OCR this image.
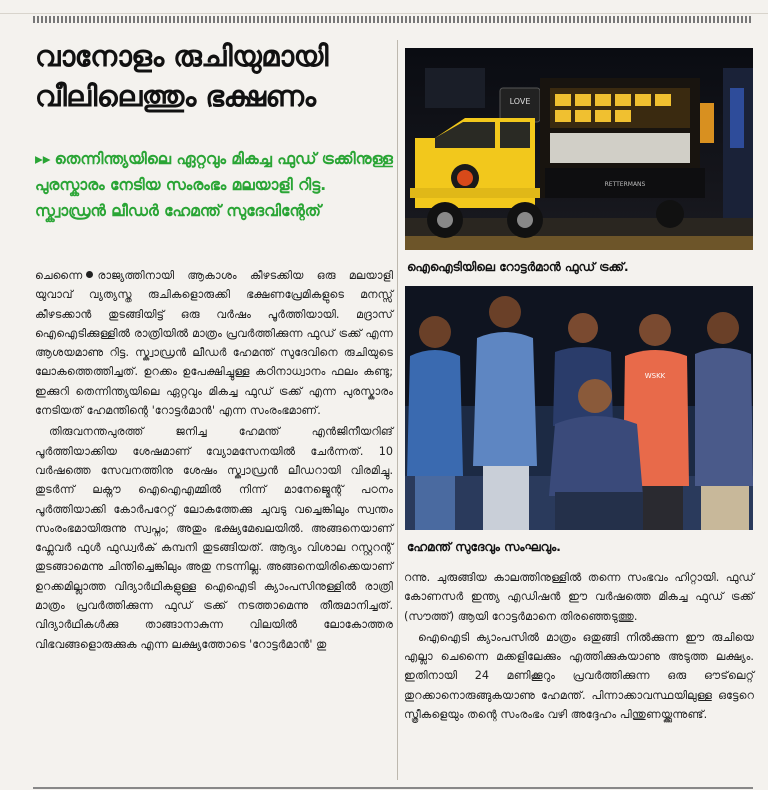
വാനോളം രുചിയുമായി
വീലിലെത്തും ഭക്ഷണം
▸▸ തെന്നിന്ത്യയിലെ ഏറ്റവും മികച്ച ഫുഡ് ട്രക്കിനുള്ള പുരസ്കാരം നേടിയ സംരംഭം മലയാളി റിട്ട. സ്ക്വാഡ്രൻ ലീഡർ ഹേമന്ത് സുദേവിന്റേത്

ചെന്നൈ രാജ്യത്തിനായി ആകാശം കീഴടക്കിയ ഒരു മലയാളി യുവാവ് വ്യത്യസ്ത രുചികളൊരുക്കി ഭക്ഷണപ്രേമികളുടെ മനസ്സ് കീഴടക്കാൻ തുടങ്ങിയിട്ട് ഒരു വർഷം പൂർത്തിയായി. മദ്രാസ് ഐഐടിക്കുള്ളിൽ രാത്രിയിൽ മാത്രം പ്രവർത്തിക്കുന്ന ഫുഡ് ട്രക്ക് എന്ന ആശയമാണു റിട്ട. സ്ക്വാഡ്രൻ ലീഡർ ഹേമന്ത് സുദേവിനെ രുചിയുടെ ലോകത്തെത്തിച്ചത്. ഉറക്കം ഉപേക്ഷിച്ചുള്ള കഠിനാധ്വാനം ഫലം കണ്ടു; ഇക്കുറി തെന്നിന്ത്യയിലെ ഏറ്റവും മികച്ച ഫുഡ് ട്രക്ക് എന്ന പുരസ്കാരം നേടിയത് ഹേമന്തിന്റെ 'റോട്ടർമാൻ' എന്ന സംരംഭമാണ്.

തിരുവനന്തപുരത്ത് ജനിച്ച ഹേമന്ത് എൻജിനീയറിങ് പൂർത്തിയാക്കിയ ശേഷമാണ് വ്യോമസേനയിൽ ചേർന്നത്. 10 വർഷത്തെ സേവനത്തിനു ശേഷം സ്ക്വാഡ്രൻ ലീഡറായി വിരമിച്ചു. തുടർന്ന് ലക്നൗ ഐഐഎമ്മിൽ നിന്ന് മാനേജ്മെന്റ് പഠനം പൂർത്തിയാക്കി കോർപറേറ്റ് ലോകത്തേക്കു ചുവടു വച്ചെങ്കിലും സ്വന്തം സംരംഭമായിരുന്നു സ്വപ്നം; അതും ഭക്ഷ്യമേഖലയിൽ. അങ്ങനെയാണ് ഫ്ലേവർ ഫുൾ ഫുഡ്വർക് കമ്പനി തുടങ്ങിയത്. ആദ്യം വിശാല റസ്റ്ററന്റ് തുടങ്ങാമെന്നു ചിന്തിച്ചെങ്കിലും അതു നടന്നില്ല. അങ്ങനെയിരിക്കെയാണ് ഉറക്കമില്ലാത്ത വിദ്യാർഥികളുള്ള ഐഐടി ക്യാംപസിനുള്ളിൽ രാത്രി മാത്രം പ്രവർത്തിക്കുന്ന ഫുഡ് ട്രക്ക് നടത്താമെന്നു തീരുമാനിച്ചത്. വിദ്യാർഥികൾക്കു താങ്ങാനാകുന്ന വിലയിൽ ലോകോത്തര വിഭവങ്ങളൊരുക്കുക എന്ന ലക്ഷ്യത്തോടെ 'റോട്ടർമാൻ' തു

LOVE
RETTERMANS
ഐഐടിയിലെ റോട്ടർമാൻ ഫുഡ് ട്രക്ക്.
WSKK
ഹേമന്ത് സുദേവും സംഘവും.

റന്നു. ചുരുങ്ങിയ കാലത്തിനുള്ളിൽ തന്നെ സംഭവം ഹിറ്റായി. ഫുഡ് കോണസർ ഇന്ത്യ എഡിഷൻ ഈ വർഷത്തെ മികച്ച ഫുഡ് ട്രക്ക് (സൗത്ത്) ആയി റോട്ടർമാനെ തിരഞ്ഞെടുത്തു.

ഐഐടി ക്യാംപസിൽ മാത്രം ഒതുങ്ങി നിൽക്കുന്ന ഈ രുചിയെ എല്ലാ ചെന്നൈ മക്കളിലേക്കും എത്തിക്കുകയാണു അടുത്ത ലക്ഷ്യം. ഇതിനായി 24 മണിക്കൂറും പ്രവർത്തിക്കുന്ന ഒരു ഔട്‌ലെറ്റ് തുറക്കാനൊരുങ്ങുകയാണു ഹേമന്ത്. പിന്നാക്കാവസ്ഥയിലുള്ള ഒട്ടേറെ സ്ത്രീകളെയും തന്റെ സംരംഭം വഴി അദ്ദേഹം പിന്തുണയ്ക്കുന്നുണ്ട്.
